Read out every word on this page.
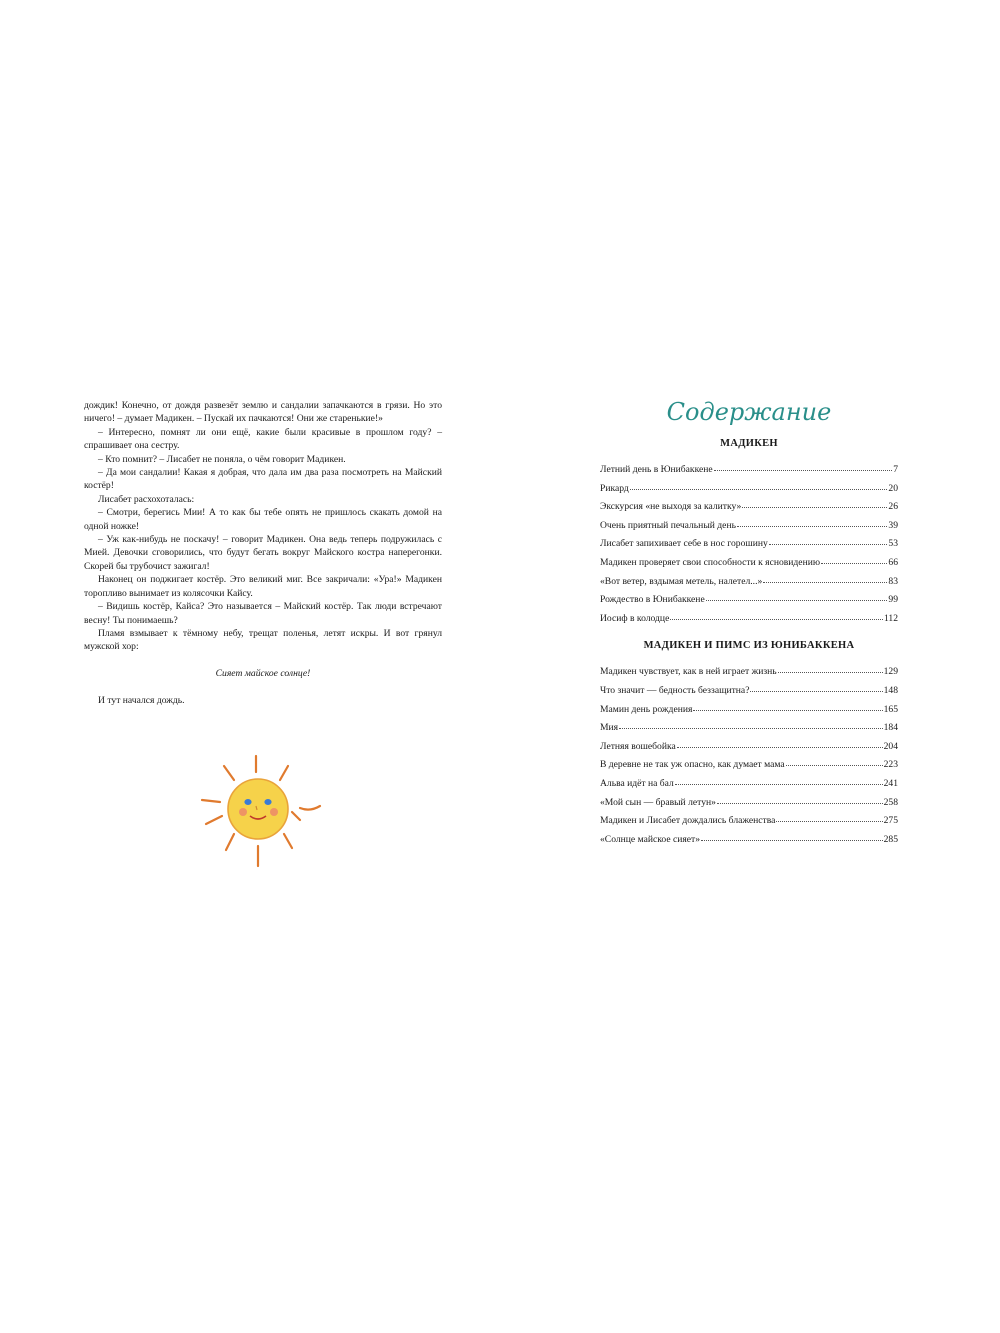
дождик! Конечно, от дождя развезёт землю и сандалии запачкаются в грязи. Но это ничего! – думает Мадикен. – Пускай их пачкаются! Они же старенькие!»

– Интересно, помнят ли они ещё, какие были красивые в прошлом году? – спрашивает она сестру.

– Кто помнит? – Лисабет не поняла, о чём говорит Мадикен.

– Да мои сандалии! Какая я добрая, что дала им два раза посмотреть на Майский костёр!

Лисабет расхохоталась:

– Смотри, берегись Мии! А то как бы тебе опять не пришлось скакать домой на одной ножке!

– Уж как-нибудь не поскачу! – говорит Мадикен. Она ведь теперь подружилась с Мией. Девочки сговорились, что будут бегать вокруг Майского костра наперегонки. Скорей бы трубочист зажигал!

Наконец он поджигает костёр. Это великий миг. Все закричали: «Ура!» Мадикен торопливо вынимает из колясочки Кайсу.

– Видишь костёр, Кайса? Это называется – Майский костёр. Так люди встречают весну! Ты понимаешь?

Пламя взмывает к тёмному небу, трещат поленья, летят искры. И вот грянул мужской хор:

Сияет майское солнце!

И тут начался дождь.

Содержание
МАДИКЕН
Летний день в Юнибаккене	7
Рикард	20
Экскурсия «не выходя за калитку»	26
Очень приятный печальный день	39
Лисабет запихивает себе в нос горошину	53
Мадикен проверяет свои способности к ясновидению	66
«Вот ветер, вздымая метель, налетел...»	83
Рождество в Юнибаккене	99
Иосиф в колодце	112
МАДИКЕН И ПИМС ИЗ ЮНИБАККЕНА
Мадикен чувствует, как в ней играет жизнь	129
Что значит — бедность беззащитна?	148
Мамин день рождения	165
Мия	184
Летняя вошебойка	204
В деревне не так уж опасно, как думает мама	223
Альва идёт на бал	241
«Мой сын — бравый летун»	258
Мадикен и Лисабет дождались блаженства	275
«Солнце майское сияет»	285
